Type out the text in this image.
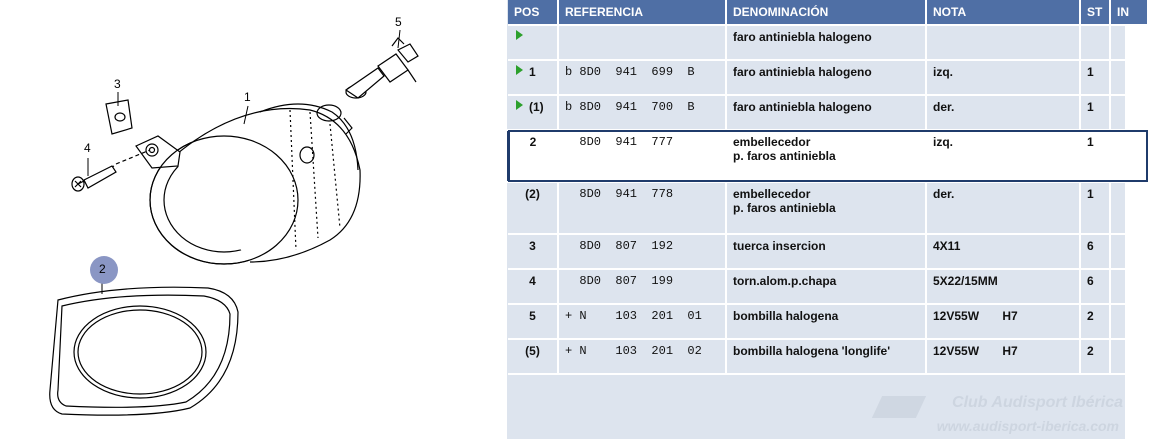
1
2
3
4
5
POS	REFERENCIA	DENOMINACIÓN	NOTA	ST	IN

		faro antiniebla halogeno			

1	b 8D0  941  699  B	faro antiniebla halogeno	izq.	1	

(1)	b 8D0  941  700  B	faro antiniebla halogeno	der.	1	
2	8D0  941  777	embellecedor
p. faros antiniebla	izq.	1	
(2)	8D0  941  778	embellecedor
p. faros antiniebla	der.	1	
3	8D0  807  192	tuerca insercion	4X11	6	
4	8D0  807  199	torn.alom.p.chapa	5X22/15MM	6	
5	+ N    103  201  01	bombilla halogena	12V55W       H7	2	
(5)	+ N    103  201  02	bombilla halogena 'longlife'	12V55W       H7	2	
Club Audisport Ibérica
www.audisport-iberica.com
